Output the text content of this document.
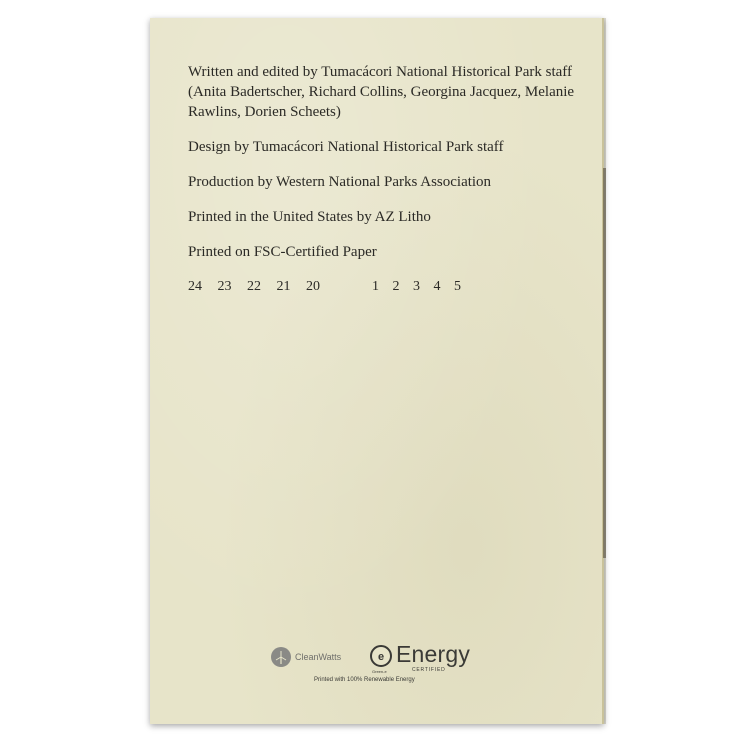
Written and edited by Tumacácori National Historical Park staff (Anita Badertscher, Richard Collins, Georgina Jacquez, Melanie Rawlins, Dorien Scheets)

Design by Tumacácori National Historical Park staff

Production by Western National Parks Association

Printed in the United States by AZ Litho

Printed on FSC-Certified Paper

24 23 22 21 20	1 2 3 4 5
CleanWatts	e
Green-e
Energy
CERTIFIED
Printed with 100% Renewable Energy
